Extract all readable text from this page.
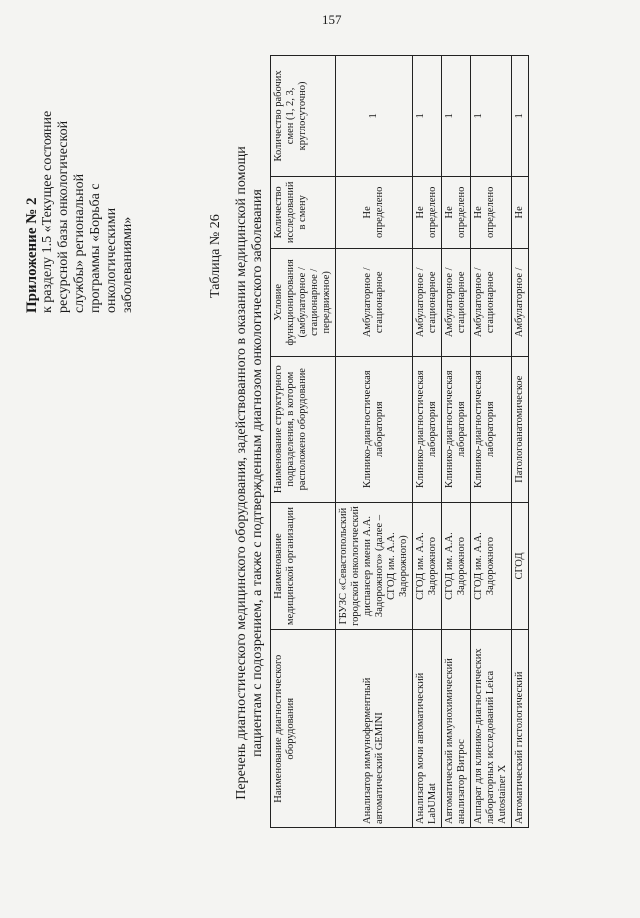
157
Приложение № 2 к разделу 1.5 «Текущее состояние ресурсной базы онкологической службы» региональной программы «Борьба с онкологическими заболеваниями»	Таблица № 26 Перечень диагностического медицинского оборудования, задействованного в оказании медицинской помощи пациентам с подозрением, а также с подтвержденным диагнозом онкологического заболевания Наименование диагностического оборудования	Наименование медицинской организации	Наименование структурного подразделения, в котором расположено оборудование	Условие функционирования (амбулаторное / стационарное / передвижное)	Количество исследований в смену	Количество рабочих смен (1, 2, 3, круглосуточно)
Анализатор иммуноферментный автоматический GEMINI	ГБУЗС «Севастопольский городской онкологический диспансер имени А.А. Задорожного» (далее – СГОД им. А.А. Задорожного)	Клинико-диагностическая лаборатория	Амбулаторное / стационарное	Не определено	1
Анализатор мочи автоматический LabUMat	СГОД им. А.А. Задорожного	Клинико-диагностическая лаборатория	Амбулаторное / стационарное	Не определено	1
Автоматический иммунохимический анализатор Витрос	СГОД им. А.А. Задорожного	Клинико-диагностическая лаборатория	Амбулаторное / стационарное	Не определено	1
Аппарат для клинико-диагностических лабораторных исследований Leica Autostainer X	СГОД им. А.А. Задорожного	Клинико-диагностическая лаборатория	Амбулаторное / стационарное	Не определено	1
Автоматический гистологический	СГОД	Патологоанатомическое	Амбулаторное /	Не	1
